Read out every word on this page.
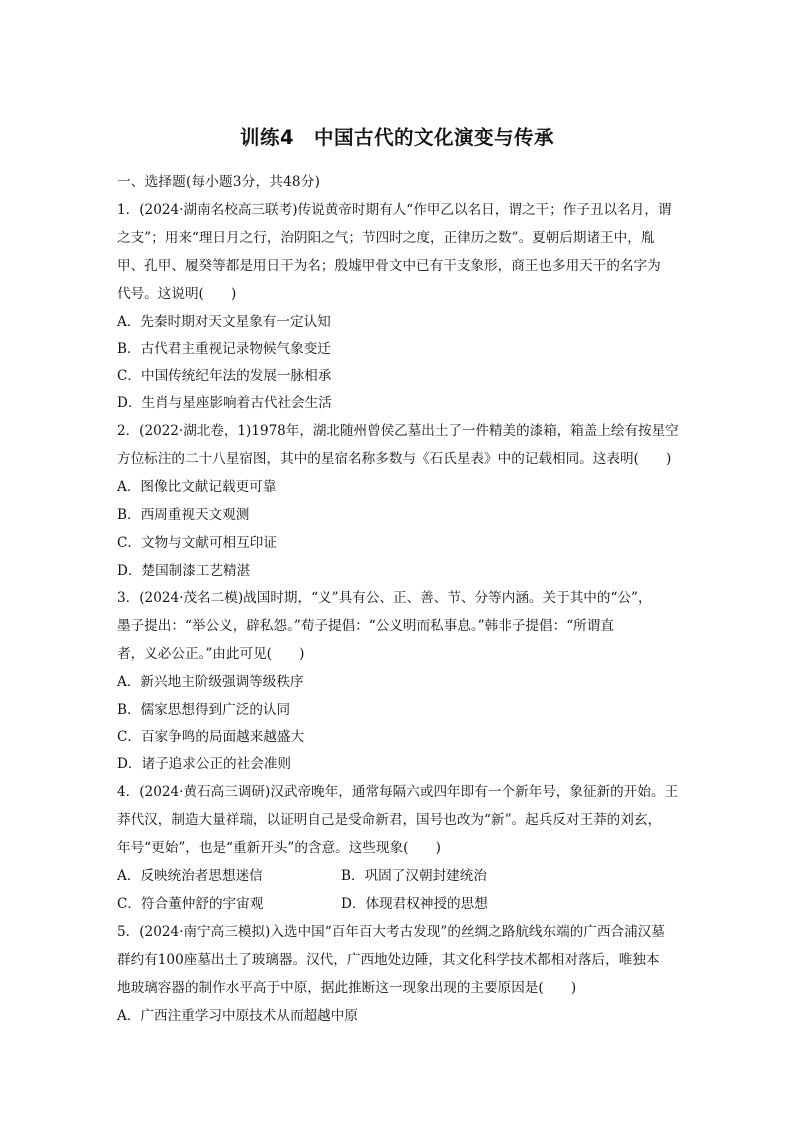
训练4　中国古代的文化演变与传承
一、选择题(每小题3分，共48分)
1．(2024·湖南名校高三联考)传说黄帝时期有人“作甲乙以名日，谓之干；作子丑以名月，谓
之支”；用来“理日月之行，治阴阳之气；节四时之度，正律历之数”。夏朝后期诸王中，胤
甲、孔甲、履癸等都是用日干为名；殷墟甲骨文中已有干支象形，商王也多用天干的名字为
代号。这说明(　　)
A．先秦时期对天文星象有一定认知
B．古代君主重视记录物候气象变迁
C．中国传统纪年法的发展一脉相承
D．生肖与星座影响着古代社会生活
2．(2022·湖北卷，1)1978年，湖北随州曾侯乙墓出土了一件精美的漆箱，箱盖上绘有按星空
方位标注的二十八星宿图，其中的星宿名称多数与《石氏星表》中的记载相同。这表明(　　)
A．图像比文献记载更可靠
B．西周重视天文观测
C．文物与文献可相互印证
D．楚国制漆工艺精湛
3．(2024·茂名二模)战国时期，“义”具有公、正、善、节、分等内涵。关于其中的“公”，
墨子提出：“举公义，辟私怨。”荀子提倡：“公义明而私事息。”韩非子提倡：“所谓直
者，义必公正。”由此可见(　　)
A．新兴地主阶级强调等级秩序
B．儒家思想得到广泛的认同
C．百家争鸣的局面越来越盛大
D．诸子追求公正的社会准则
4．(2024·黄石高三调研)汉武帝晚年，通常每隔六或四年即有一个新年号，象征新的开始。王
莽代汉，制造大量祥瑞，以证明自己是受命新君，国号也改为“新”。起兵反对王莽的刘玄，
年号“更始”，也是“重新开头”的含意。这些现象(　　)
A．反映统治者思想迷信	B．巩固了汉朝封建统治
C．符合董仲舒的宇宙观	D．体现君权神授的思想
5．(2024·南宁高三模拟)入选中国“百年百大考古发现”的丝绸之路航线东端的广西合浦汉墓
群约有100座墓出土了玻璃器。汉代，广西地处边陲，其文化科学技术都相对落后，唯独本
地玻璃容器的制作水平高于中原，据此推断这一现象出现的主要原因是(　　)
A．广西注重学习中原技术从而超越中原
